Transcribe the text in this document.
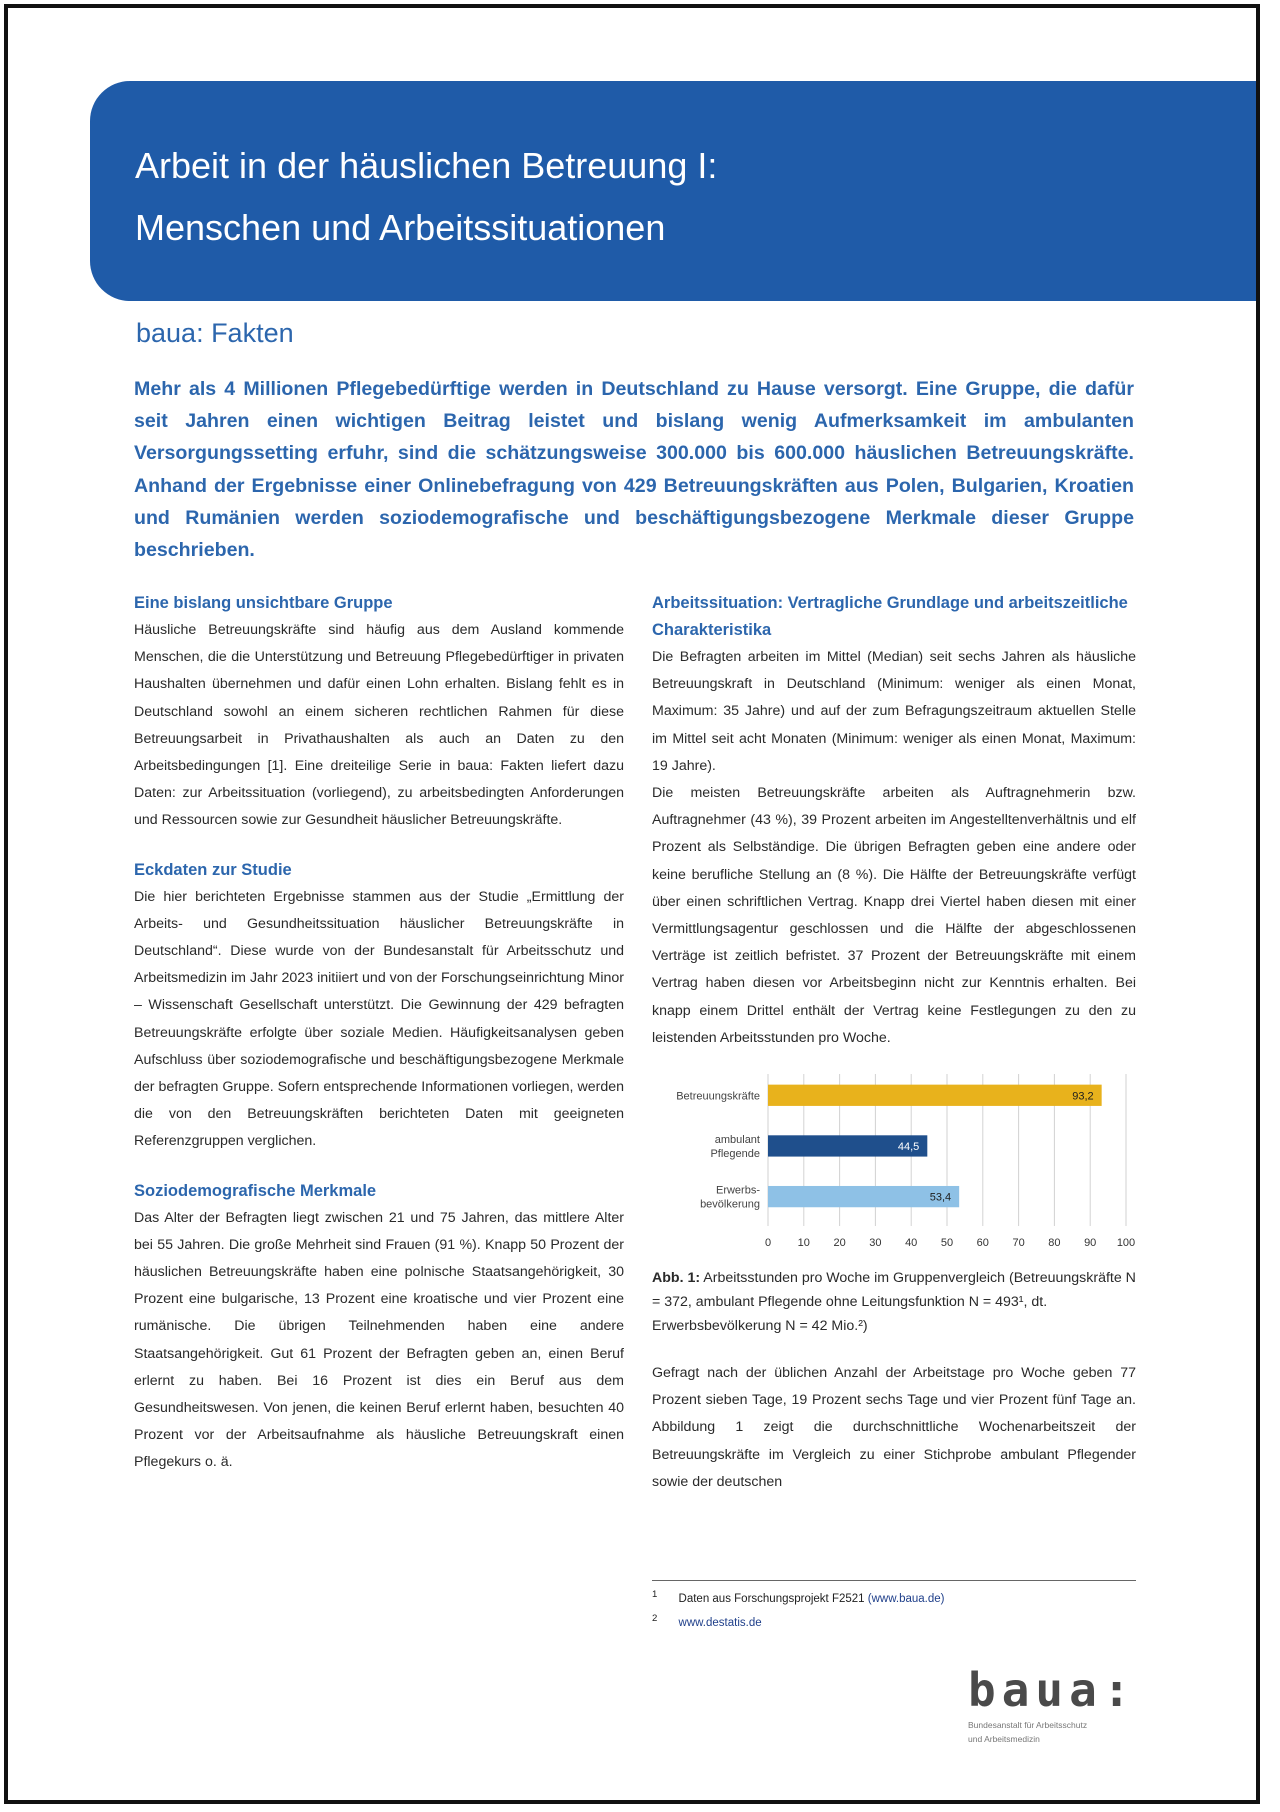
Arbeit in der häuslichen Betreuung I:
Menschen und Arbeitssituationen
baua: Fakten

Mehr als 4 Millionen Pflegebedürftige werden in Deutschland zu Hause versorgt. Eine Gruppe, die dafür seit Jahren einen wichtigen Beitrag leistet und bislang wenig Aufmerksamkeit im ambulanten Versorgungssetting erfuhr, sind die schätzungsweise 300.000 bis 600.000 häuslichen Betreuungskräfte. Anhand der Ergebnisse einer Onlinebefragung von 429 Betreuungskräften aus Polen, Bulgarien, Kroatien und Rumänien werden soziodemografische und beschäftigungsbezogene Merkmale dieser Gruppe beschrieben.

Eine bislang unsichtbare Gruppe

Häusliche Betreuungskräfte sind häufig aus dem Ausland kommende Menschen, die die Unterstützung und Betreuung Pflegebedürftiger in privaten Haushalten übernehmen und dafür einen Lohn erhalten. Bislang fehlt es in Deutschland sowohl an einem sicheren rechtlichen Rahmen für diese Betreuungsarbeit in Privathaushalten als auch an Daten zu den Arbeitsbedingungen [1]. Eine dreiteilige Serie in baua: Fakten liefert dazu Daten: zur Arbeitssituation (vorliegend), zu arbeitsbedingten Anforderungen und Ressourcen sowie zur Gesundheit häuslicher Betreuungskräfte.

Eckdaten zur Studie

Die hier berichteten Ergebnisse stammen aus der Studie „Ermittlung der Arbeits- und Gesundheitssituation häuslicher Betreuungskräfte in Deutschland“. Diese wurde von der Bundesanstalt für Arbeitsschutz und Arbeitsmedizin im Jahr 2023 initiiert und von der Forschungseinrichtung Minor – Wissenschaft Gesellschaft unterstützt. Die Gewinnung der 429 befragten Betreuungskräfte erfolgte über soziale Medien. Häufigkeitsanalysen geben Aufschluss über soziodemografische und beschäftigungsbezogene Merkmale der befragten Gruppe. Sofern entsprechende Informationen vorliegen, werden die von den Betreuungskräften berichteten Daten mit geeigneten Referenzgruppen verglichen.

Soziodemografische Merkmale

Das Alter der Befragten liegt zwischen 21 und 75 Jahren, das mittlere Alter bei 55 Jahren. Die große Mehrheit sind Frauen (91 %). Knapp 50 Prozent der häuslichen Betreuungskräfte haben eine polnische Staatsangehörigkeit, 30 Prozent eine bulgarische, 13 Prozent eine kroatische und vier Prozent eine rumänische. Die übrigen Teilnehmenden haben eine andere Staatsangehörigkeit. Gut 61 Prozent der Befragten geben an, einen Beruf erlernt zu haben. Bei 16 Prozent ist dies ein Beruf aus dem Gesundheitswesen. Von jenen, die keinen Beruf erlernt haben, besuchten 40 Prozent vor der Arbeitsaufnahme als häusliche Betreuungskraft einen Pflegekurs o. ä.

Arbeitssituation: Vertragliche Grundlage und arbeitszeitliche Charakteristika

Die Befragten arbeiten im Mittel (Median) seit sechs Jahren als häusliche Betreuungskraft in Deutschland (Minimum: weniger als einen Monat, Maximum: 35 Jahre) und auf der zum Befragungszeitraum aktuellen Stelle im Mittel seit acht Monaten (Minimum: weniger als einen Monat, Maximum: 19 Jahre).

Die meisten Betreuungskräfte arbeiten als Auftragnehmerin bzw. Auftragnehmer (43 %), 39 Prozent arbeiten im Angestelltenverhältnis und elf Prozent als Selbständige. Die übrigen Befragten geben eine andere oder keine berufliche Stellung an (8 %). Die Hälfte der Betreuungskräfte verfügt über einen schriftlichen Vertrag. Knapp drei Viertel haben diesen mit einer Vermittlungsagentur geschlossen und die Hälfte der abgeschlossenen Verträge ist zeitlich befristet. 37 Prozent der Betreuungskräfte mit einem Vertrag haben diesen vor Arbeitsbeginn nicht zur Kenntnis erhalten. Bei knapp einem Drittel enthält der Vertrag keine Festlegungen zu den zu leistenden Arbeitsstunden pro Woche.

0 10 20 30 40 50 60 70 80 90 100
93,2
Betreuungskräfte
44,5
ambulant
Pflegende
53,4
Erwerbs-
bevölkerung
Abb. 1: Arbeitsstunden pro Woche im Gruppenvergleich (Betreuungskräfte N = 372, ambulant Pflegende ohne Leitungsfunktion N = 493¹, dt. Erwerbsbevölkerung N = 42 Mio.²)

Gefragt nach der üblichen Anzahl der Arbeitstage pro Woche geben 77 Prozent sieben Tage, 19 Prozent sechs Tage und vier Prozent fünf Tage an. Abbildung 1 zeigt die durchschnittliche Wochenarbeitszeit der Betreuungskräfte im Vergleich zu einer Stichprobe ambulant Pflegender sowie der deutschen

$^1$ Daten aus Forschungsprojekt F2521 (www.baua.de)
$^2$ www.destatis.de
baua:
Bundesanstalt für Arbeitsschutz
und Arbeitsmedizin
